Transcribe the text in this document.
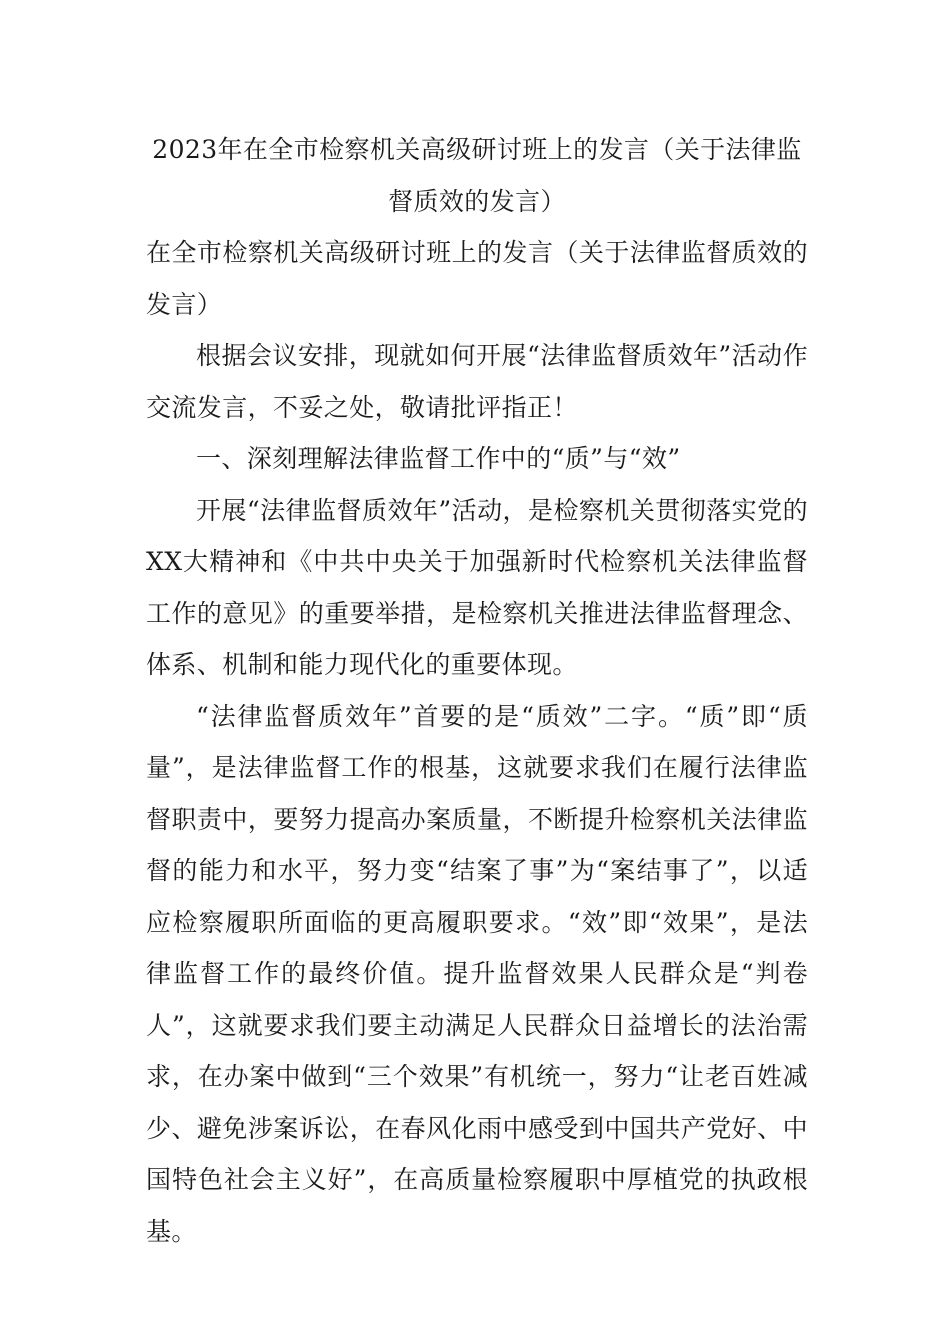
2023年在全市检察机关高级研讨班上的发言（关于法律监督质效的发言）

在全市检察机关高级研讨班上的发言（关于法律监督质效的发言）

根据会议安排，现就如何开展“法律监督质效年”活动作交流发言，不妥之处，敬请批评指正！

一、深刻理解法律监督工作中的“质”与“效”

开展“法律监督质效年”活动，是检察机关贯彻落实党的XX大精神和《中共中央关于加强新时代检察机关法律监督工作的意见》的重要举措，是检察机关推进法律监督理念、体系、机制和能力现代化的重要体现。

“法律监督质效年”首要的是“质效”二字。“质”即“质量”，是法律监督工作的根基，这就要求我们在履行法律监督职责中，要努力提高办案质量，不断提升检察机关法律监督的能力和水平，努力变“结案了事”为“案结事了”，以适应检察履职所面临的更高履职要求。“效”即“效果”，是法律监督工作的最终价值。提升监督效果人民群众是“判卷人”，这就要求我们要主动满足人民群众日益增长的法治需求，在办案中做到“三个效果”有机统一，努力“让老百姓减少、避免涉案诉讼，在春风化雨中感受到中国共产党好、中国特色社会主义好”，在高质量检察履职中厚植党的执政根基。
